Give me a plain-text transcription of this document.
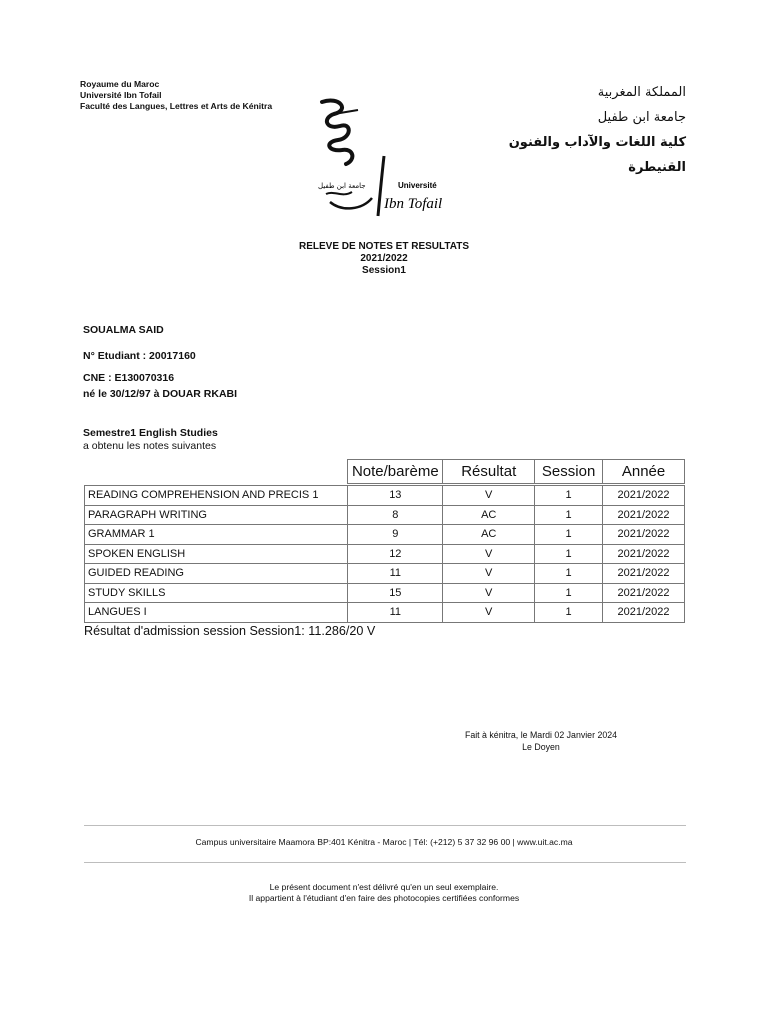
Royaume du Maroc
Université Ibn Tofail
Faculté des Langues, Lettres et Arts de Kénitra
المملكة المغربية
جامعة ابن طفيل
كلية اللغات والآداب والفنون
القنيطرة
Université
Ibn Tofail
جامعة ابن طفيل
RELEVE DE NOTES ET RESULTATS
2021/2022
Session1
SOUALMA SAID
N° Etudiant : 20017160
CNE : E130070316
né le 30/12/97 à DOUAR RKABI
Semestre1 English Studies
a obtenu les notes suivantes
	Note/barème	Résultat	Session	Année

READING COMPREHENSION AND PRECIS 1	13	V	1	2021/2022
PARAGRAPH WRITING	8	AC	1	2021/2022
GRAMMAR 1	9	AC	1	2021/2022
SPOKEN ENGLISH	12	V	1	2021/2022
GUIDED READING	11	V	1	2021/2022
STUDY SKILLS	15	V	1	2021/2022
LANGUES I	11	V	1	2021/2022
Résultat d'admission session Session1: 11.286/20 V
Fait à kénitra, le Mardi 02 Janvier 2024
Le Doyen
Campus universitaire Maamora BP:401 Kénitra - Maroc | Tél: (+212) 5 37 32 96 00 | www.uit.ac.ma
Le présent document n'est délivré qu'en un seul exemplaire.
Il appartient à l'étudiant d'en faire des photocopies certifiées conformes
